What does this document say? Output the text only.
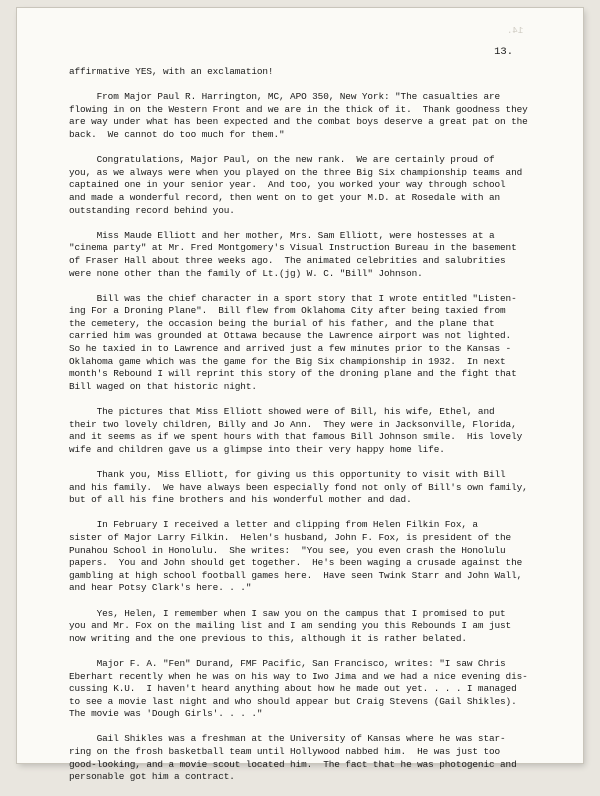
14.
13.
affirmative YES, with an exclamation!
From Major Paul R. Harrington, MC, APO 350, New York: "The casualties are
flowing in on the Western Front and we are in the thick of it.  Thank goodness they
are way under what has been expected and the combat boys deserve a great pat on the
back.  We cannot do too much for them."
Congratulations, Major Paul, on the new rank.  We are certainly proud of
you, as we always were when you played on the three Big Six championship teams and
captained one in your senior year.  And too, you worked your way through school
and made a wonderful record, then went on to get your M.D. at Rosedale with an
outstanding record behind you.
Miss Maude Elliott and her mother, Mrs. Sam Elliott, were hostesses at a
"cinema party" at Mr. Fred Montgomery's Visual Instruction Bureau in the basement
of Fraser Hall about three weeks ago.  The animated celebrities and salubrities
were none other than the family of Lt.(jg) W. C. "Bill" Johnson.
Bill was the chief character in a sport story that I wrote entitled "Listen-
ing For a Droning Plane".  Bill flew from Oklahoma City after being taxied from
the cemetery, the occasion being the burial of his father, and the plane that
carried him was grounded at Ottawa because the Lawrence airport was not lighted.
So he taxied in to Lawrence and arrived just a few minutes prior to the Kansas -
Oklahoma game which was the game for the Big Six championship in 1932.  In next
month's Rebound I will reprint this story of the droning plane and the fight that
Bill waged on that historic night.
The pictures that Miss Elliott showed were of Bill, his wife, Ethel, and
their two lovely children, Billy and Jo Ann.  They were in Jacksonville, Florida,
and it seems as if we spent hours with that famous Bill Johnson smile.  His lovely
wife and children gave us a glimpse into their very happy home life.
Thank you, Miss Elliott, for giving us this opportunity to visit with Bill
and his family.  We have always been especially fond not only of Bill's own family,
but of all his fine brothers and his wonderful mother and dad.
In February I received a letter and clipping from Helen Filkin Fox, a
sister of Major Larry Filkin.  Helen's husband, John F. Fox, is president of the
Punahou School in Honolulu.  She writes:  "You see, you even crash the Honolulu
papers.  You and John should get together.  He's been waging a crusade against the
gambling at high school football games here.  Have seen Twink Starr and John Wall,
and hear Potsy Clark's here. . ."
Yes, Helen, I remember when I saw you on the campus that I promised to put
you and Mr. Fox on the mailing list and I am sending you this Rebounds I am just
now writing and the one previous to this, although it is rather belated.
Major F. A. "Fen" Durand, FMF Pacific, San Francisco, writes: "I saw Chris
Eberhart recently when he was on his way to Iwo Jima and we had a nice evening dis-
cussing K.U.  I haven't heard anything about how he made out yet. . . . I managed
to see a movie last night and who should appear but Craig Stevens (Gail Shikles).
The movie was 'Dough Girls'. . . ."
Gail Shikles was a freshman at the University of Kansas where he was star-
ring on the frosh basketball team until Hollywood nabbed him.  He was just too
good-looking, and a movie scout located him.  The fact that he was photogenic and
personable got him a contract.
